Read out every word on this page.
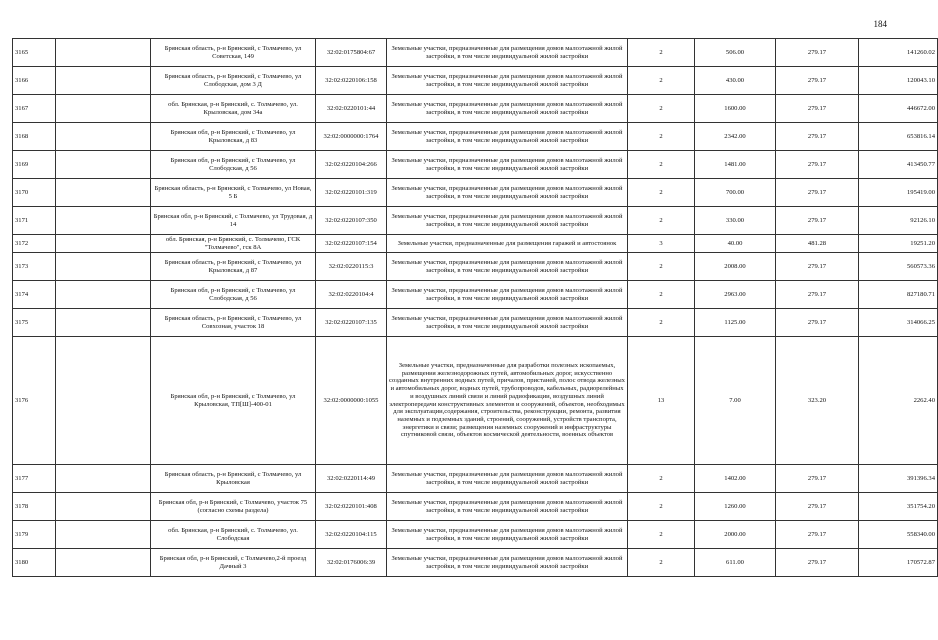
184
3165		Брянская область, р-н Брянский, с Толмачево, ул Советская, 149	32:02:0175804:67	Земельные участки, предназначенные для размещения домов малоэтажной жилой застройки, в том числе индивидуальной жилой застройки	2	506.00	279.17	141260.02
3166		Брянская область, р-н Брянский, с Толмачево, ул Слободская, дом 3 Д	32:02:0220106:158	Земельные участки, предназначенные для размещения домов малоэтажной жилой застройки, в том числе индивидуальной жилой застройки	2	430.00	279.17	120043.10
3167		обл. Брянская, р-н Брянский, с. Толмачево, ул. Крыловская, дом 34а	32:02:0220101:44	Земельные участки, предназначенные для размещения домов малоэтажной жилой застройки, в том числе индивидуальной жилой застройки	2	1600.00	279.17	446672.00
3168		Брянская обл, р-н Брянский, с Толмачево, ул Крыловская, д 83	32:02:0000000:1764	Земельные участки, предназначенные для размещения домов малоэтажной жилой застройки, в том числе индивидуальной жилой застройки	2	2342.00	279.17	653816.14
3169		Брянская обл, р-н Брянский, с Толмачево, ул Слободская, д 56	32:02:0220104:266	Земельные участки, предназначенные для размещения домов малоэтажной жилой застройки, в том числе индивидуальной жилой застройки	2	1481.00	279.17	413450.77
3170		Брянская область, р-н Брянский, с Толмачево, ул Новая, 5 Б	32:02:0220101:319	Земельные участки, предназначенные для размещения домов малоэтажной жилой застройки, в том числе индивидуальной жилой застройки	2	700.00	279.17	195419.00
3171		Брянская обл, р-н Брянский, с Толмачево, ул Трудовая, д 14	32:02:0220107:350	Земельные участки, предназначенные для размещения домов малоэтажной жилой застройки, в том числе индивидуальной жилой застройки	2	330.00	279.17	92126.10
3172		обл. Брянская, р-н Брянский, с. Толмачево, ГСК "Толмачево", гск 8А	32:02:0220107:154	Земельные участки, предназначенные для размещения гаражей и автостоянок	3	40.00	481.28	19251.20
3173		Брянская область, р-н Брянский, с Толмачево, ул Крыловская, д 87	32:02:0220115:3	Земельные участки, предназначенные для размещения домов малоэтажной жилой застройки, в том числе индивидуальной жилой застройки	2	2008.00	279.17	560573.36
3174		Брянская обл, р-н Брянский, с Толмачево, ул Слободская, д 56	32:02:0220104:4	Земельные участки, предназначенные для размещения домов малоэтажной жилой застройки, в том числе индивидуальной жилой застройки	2	2963.00	279.17	827180.71
3175		Брянская область, р-н Брянский, с Толмачево, ул Совхозная, участок 18	32:02:0220107:135	Земельные участки, предназначенные для размещения домов малоэтажной жилой застройки, в том числе индивидуальной жилой застройки	2	1125.00	279.17	314066.25
3176		Брянская обл, р-н Брянский, с Толмачево, ул Крыловская, ТП[Ш]-400-01	32:02:0000000:1055	Земельные участки, предназначенные для разработки полезных ископаемых, размещения железнодорожных путей, автомобильных дорог, искусственно созданных внутренних водных путей, причалов, пристаней, полос отвода железных и автомобильных дорог, водных путей, трубопроводов, кабельных, радиорелейных и воздушных линий связи и линий радиофикации, воздушных линий электропередачи конструктивных элементов и сооружений, объектов, необходимых для эксплуатации,содержания, строительства, реконструкции, ремонта, развития наземных и подземных зданий, строений, сооружений, устройств транспорта, энергетики и связи; размещения наземных сооружений и инфраструктуры спутниковой связи, объектов космической деятельности, военных объектов	13	7.00	323.20	2262.40
3177		Брянская область, р-н Брянский, с Толмачево, ул Крыловская	32:02:0220114:49	Земельные участки, предназначенные для размещения домов малоэтажной жилой застройки, в том числе индивидуальной жилой застройки	2	1402.00	279.17	391396.34
3178		Брянская обл, р-н Брянский, с Толмачево, участок 75 (согласно схемы раздела)	32:02:0220101:408	Земельные участки, предназначенные для размещения домов малоэтажной жилой застройки, в том числе индивидуальной жилой застройки	2	1260.00	279.17	351754.20
3179		обл. Брянская, р-н Брянский, с. Толмачево, ул. Слободская	32:02:0220104:115	Земельные участки, предназначенные для размещения домов малоэтажной жилой застройки, в том числе индивидуальной жилой застройки	2	2000.00	279.17	558340.00
3180		Брянская обл, р-н Брянский, с Толмачево,2-й проезд Дачный 3	32:02:0176006:39	Земельные участки, предназначенные для размещения домов малоэтажной жилой застройки, в том числе индивидуальной жилой застройки	2	611.00	279.17	170572.87
